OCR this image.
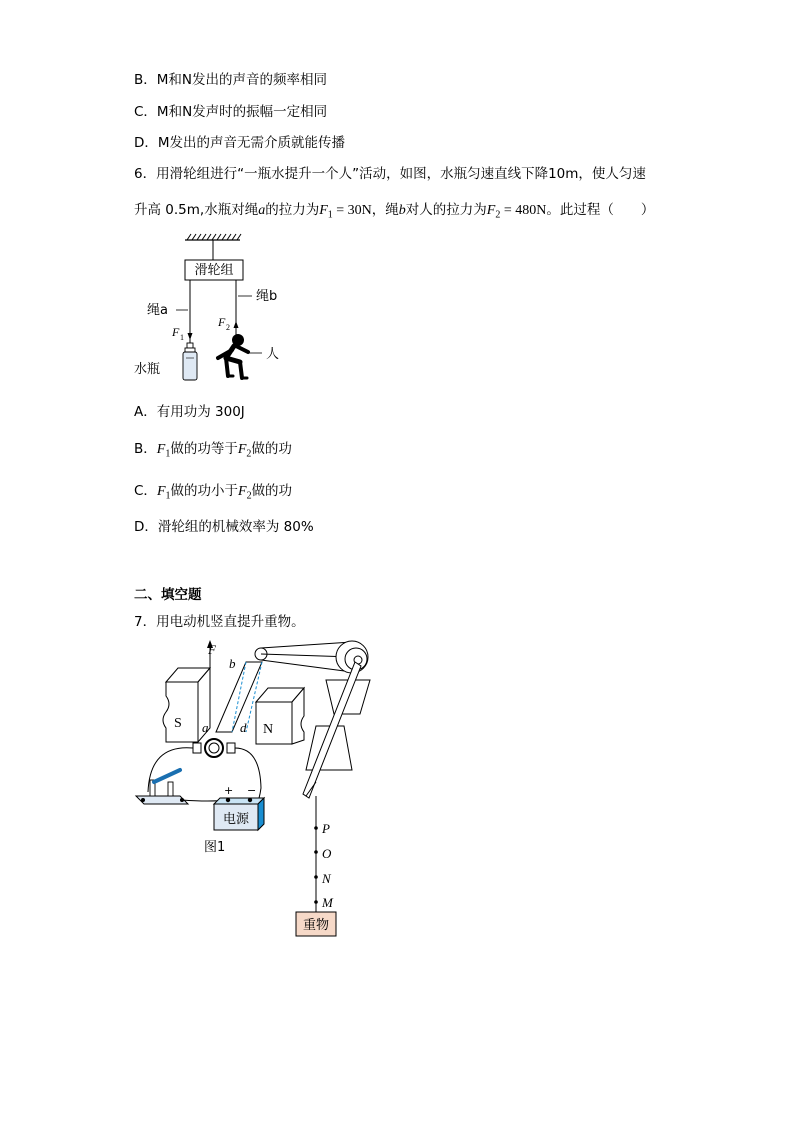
B．M和N发出的声音的频率相同
C．M和N发声时的振幅一定相同
D．M发出的声音无需介质就能传播
6．用滑轮组进行“一瓶水提升一个人”活动，如图，水瓶匀速直线下降10m，使人匀速
升高 0.5m,水瓶对绳a的拉力为$F_1 = 30N$，绳b对人的拉力为$F_2 = 480N$。此过程（　　）
滑轮组
绳a
F 1
水瓶
绳b
F 2
人
A．有用功为 300J
B．$F_1$做的功等于$F_2$做的功
C．$F_1$做的功小于$F_2$做的功
D．滑轮组的机械效率为 80%
二、填空题
7．用电动机竖直提升重物。
S	N
F
b
a d
P
O
N
M
重物
+ −
电源
图1
